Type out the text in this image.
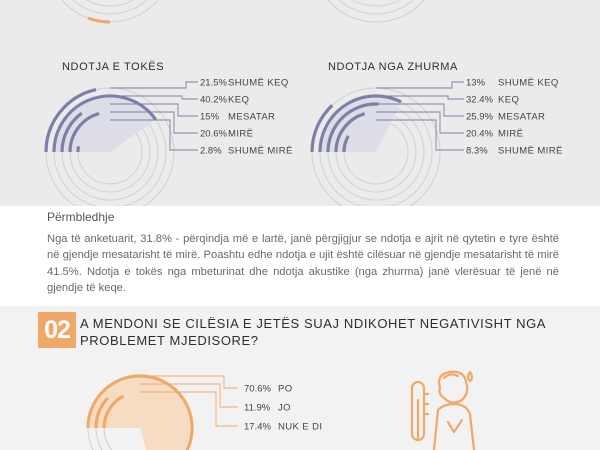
NDOTJA E TOKËS
21.5% SHUMË KEQ
40.2% KEQ
15% MESATAR
20.6% MIRË
2.8% SHUMË MIRË
NDOTJA NGA ZHURMA
13% SHUMË KEQ
32.4% KEQ
25.9% MESATAR
20.4% MIRË
8.3% SHUMË MIRË
Përmbledhje
Nga të anketuarit, 31.8% - përqindja më e lartë, janë përgjigjur se ndotja e ajrit në qytetin e tyre është në gjendje mesatarisht të mirë. Poashtu edhe ndotja e ujit është cilësuar në gjendje mesatarisht të mirë 41.5%. Ndotja e tokës nga mbeturinat dhe ndotja akustike (nga zhurma) janë vlerësuar të jenë në gjendje të keqe.
02 A MENDONI SE CILËSIA E JETËS SUAJ NDIKOHET NEGATIVISHT NGA PROBLEMET MJEDISORE?
70.6% PO
11.9% JO
17.4% NUK E DI
